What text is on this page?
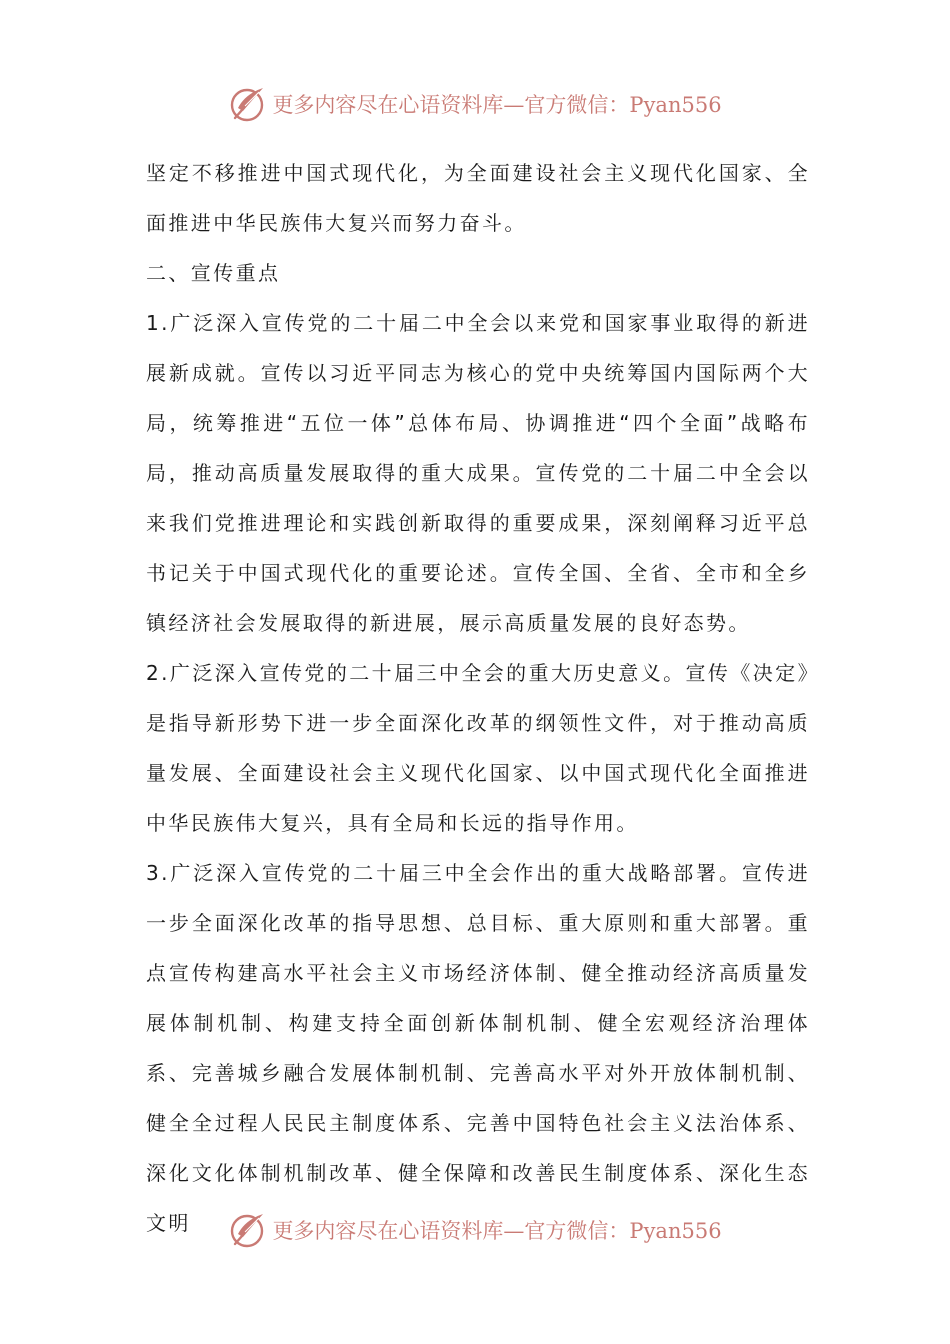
更多内容尽在心语资料库—官方微信：Pyan556

坚定不移推进中国式现代化，为全面建设社会主义现代化国家、全面推进中华民族伟大复兴而努力奋斗。

二、宣传重点

1.广泛深入宣传党的二十届二中全会以来党和国家事业取得的新进展新成就。宣传以习近平同志为核心的党中央统筹国内国际两个大局，统筹推进“五位一体”总体布局、协调推进“四个全面”战略布局，推动高质量发展取得的重大成果。宣传党的二十届二中全会以来我们党推进理论和实践创新取得的重要成果，深刻阐释习近平总书记关于中国式现代化的重要论述。宣传全国、全省、全市和全乡镇经济社会发展取得的新进展，展示高质量发展的良好态势。

2.广泛深入宣传党的二十届三中全会的重大历史意义。宣传《决定》是指导新形势下进一步全面深化改革的纲领性文件，对于推动高质量发展、全面建设社会主义现代化国家、以中国式现代化全面推进中华民族伟大复兴，具有全局和长远的指导作用。

3.广泛深入宣传党的二十届三中全会作出的重大战略部署。宣传进一步全面深化改革的指导思想、总目标、重大原则和重大部署。重点宣传构建高水平社会主义市场经济体制、健全推动经济高质量发展体制机制、构建支持全面创新体制机制、健全宏观经济治理体系、完善城乡融合发展体制机制、完善高水平对外开放体制机制、健全全过程人民民主制度体系、完善中国特色社会主义法治体系、深化文化体制机制改革、健全保障和改善民生制度体系、深化生态文明	更多内容尽在心语资料库—官方微信：Pyan556
